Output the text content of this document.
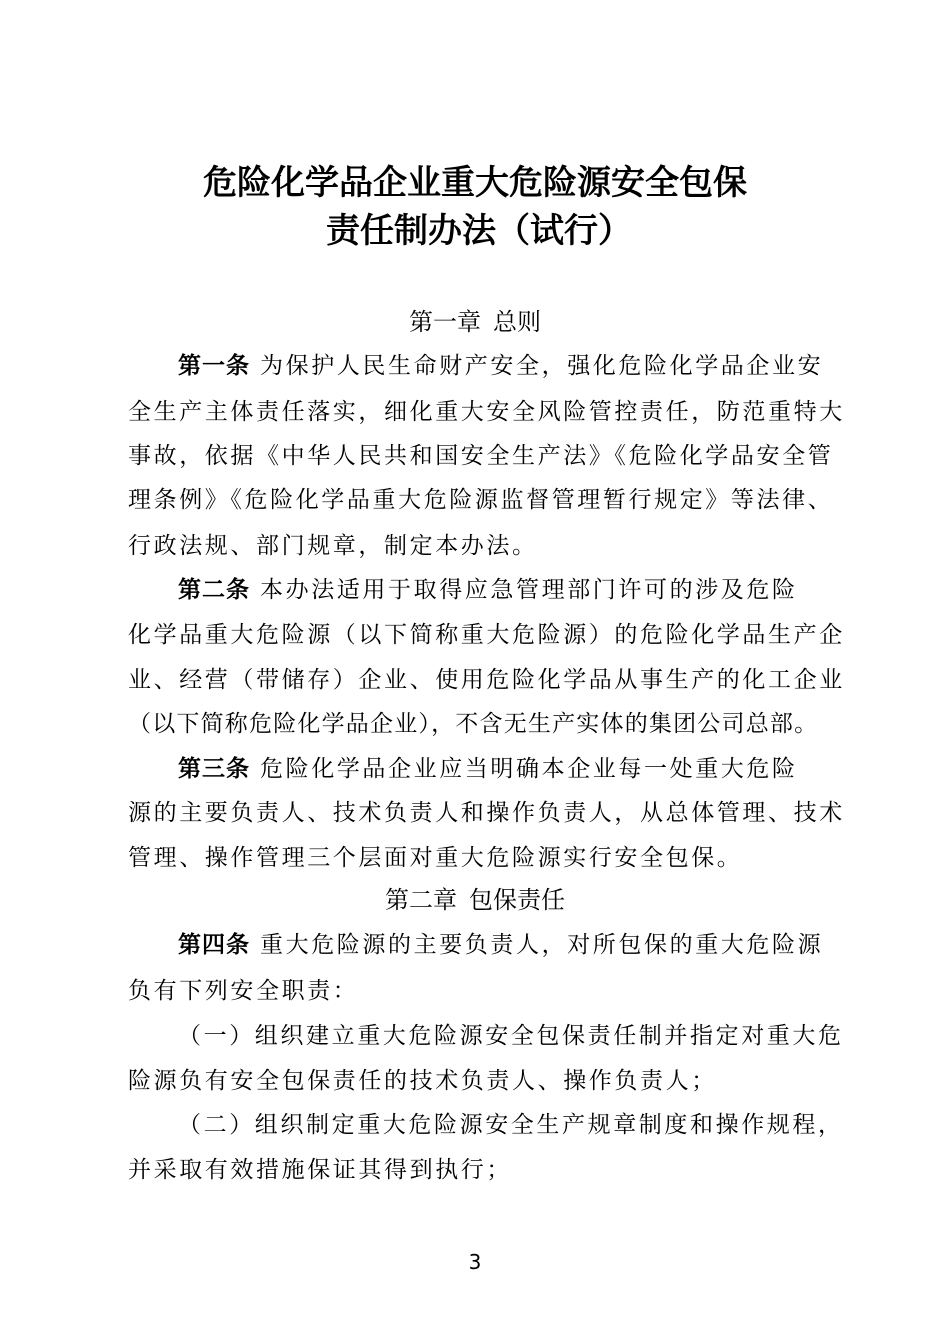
危险化学品企业重大危险源安全包保
责任制办法（试行）
第一章 总则
第一条 为保护人民生命财产安全，强化危险化学品企业安
全生产主体责任落实，细化重大安全风险管控责任，防范重特大
事故，依据《中华人民共和国安全生产法》《危险化学品安全管
理条例》《危险化学品重大危险源监督管理暂行规定》等法律、
行政法规、部门规章，制定本办法。
第二条 本办法适用于取得应急管理部门许可的涉及危险
化学品重大危险源（以下简称重大危险源）的危险化学品生产企
业、经营（带储存）企业、使用危险化学品从事生产的化工企业
（以下简称危险化学品企业），不含无生产实体的集团公司总部。
第三条 危险化学品企业应当明确本企业每一处重大危险
源的主要负责人、技术负责人和操作负责人，从总体管理、技术
管理、操作管理三个层面对重大危险源实行安全包保。
第二章 包保责任
第四条 重大危险源的主要负责人，对所包保的重大危险源
负有下列安全职责：
（一）组织建立重大危险源安全包保责任制并指定对重大危
险源负有安全包保责任的技术负责人、操作负责人；
（二）组织制定重大危险源安全生产规章制度和操作规程，
并采取有效措施保证其得到执行；
3
